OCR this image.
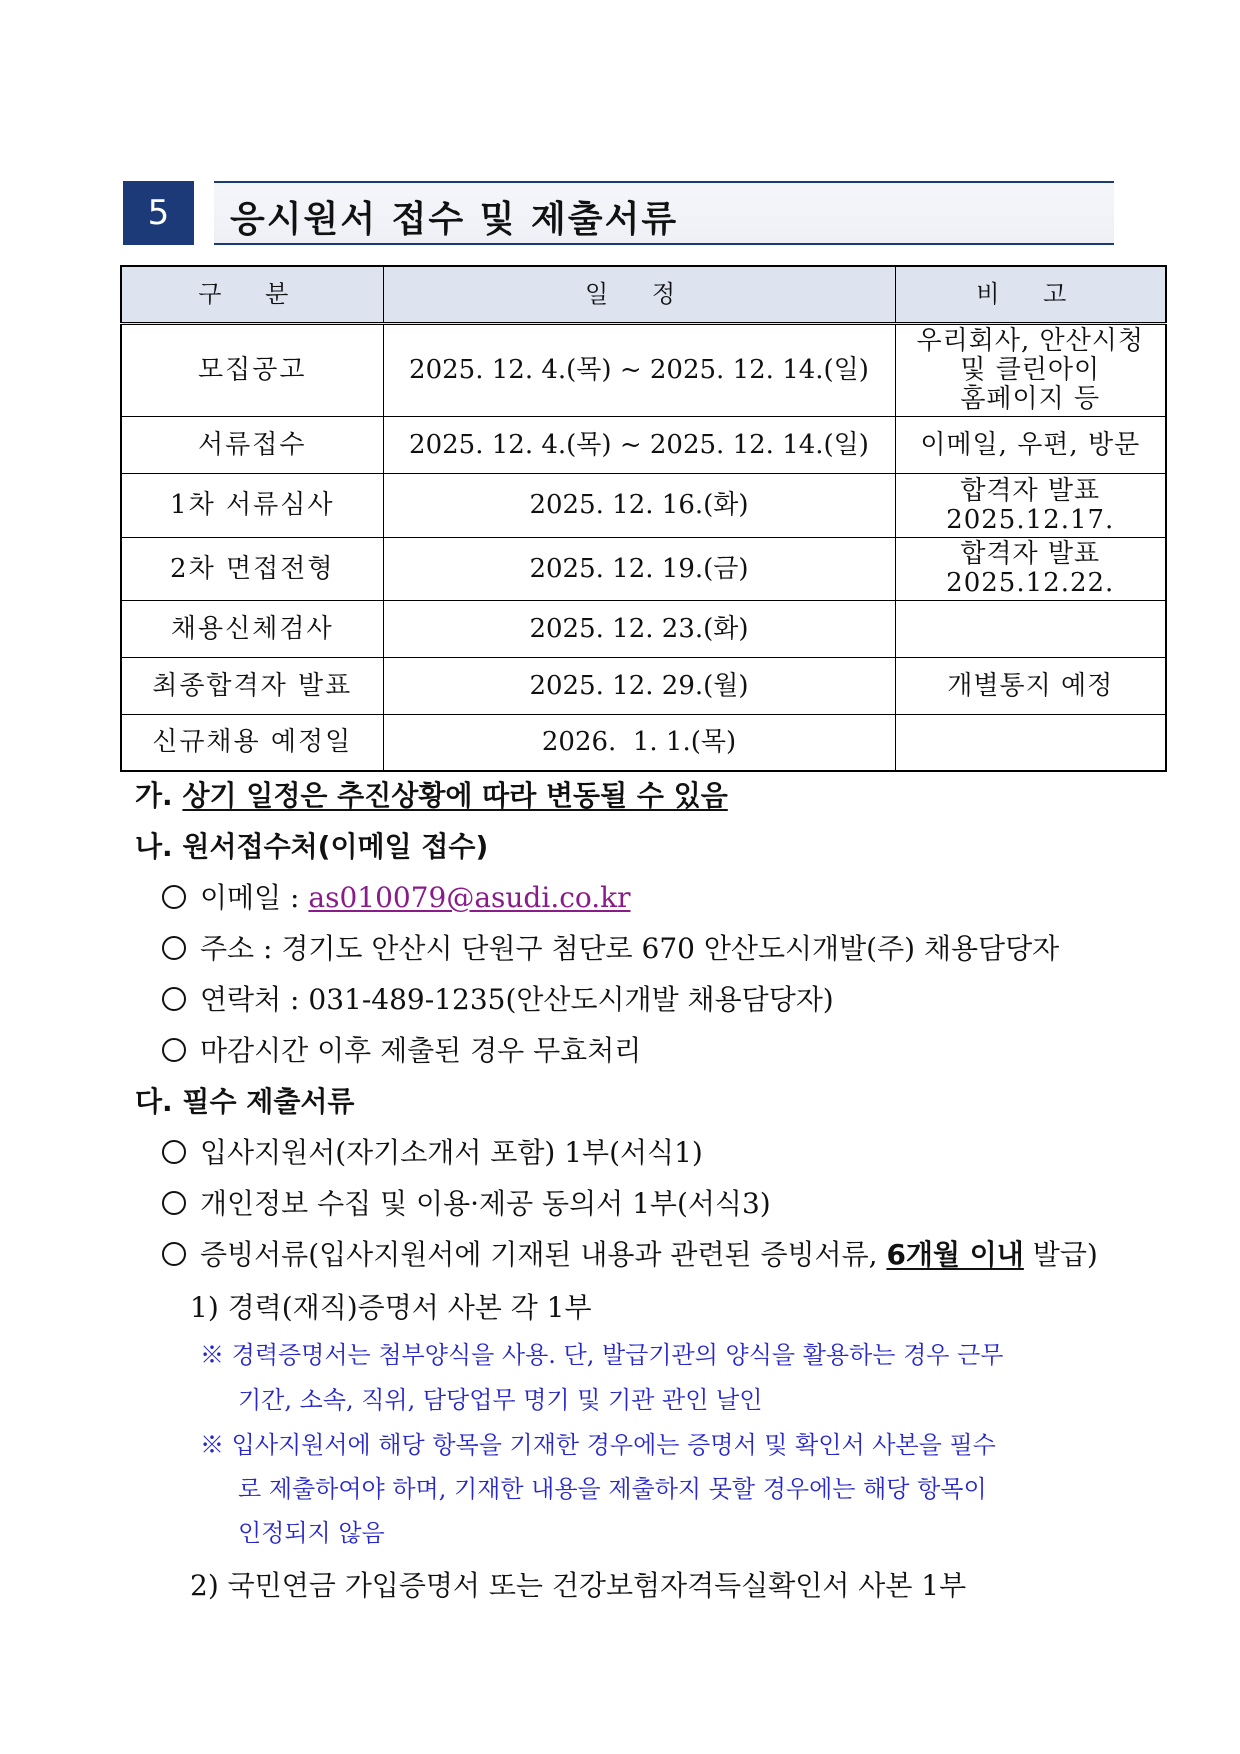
5	응시원서 접수 및 제출서류
구 분	일 정	비 고
모집공고	2025. 12. 4.(목) ~ 2025. 12. 14.(일)	우리회사, 안산시청
및 클린아이
홈페이지 등

서류접수	2025. 12. 4.(목) ~ 2025. 12. 14.(일)	이메일, 우편, 방문
1차 서류심사	2025. 12. 16.(화)	합격자 발표
2025.12.17.

2차 면접전형	2025. 12. 19.(금)	합격자 발표
2025.12.22.

채용신체검사	2025. 12. 23.(화)	
최종합격자 발표	2025. 12. 29.(월)	개별통지 예정
신규채용 예정일	2026.  1. 1.(목)	
가. 상기 일정은 추진상황에 따라 변동될 수 있음
나. 원서접수처(이메일 접수)
이메일 : as010079@asudi.co.kr
주소 : 경기도 안산시 단원구 첨단로 670 안산도시개발(주) 채용담당자
연락처 : 031-489-1235(안산도시개발 채용담당자)
마감시간 이후 제출된 경우 무효처리
다. 필수 제출서류
입사지원서(자기소개서 포함) 1부(서식1)
개인정보 수집 및 이용·제공 동의서 1부(서식3)
증빙서류(입사지원서에 기재된 내용과 관련된 증빙서류, 6개월 이내 발급)
1) 경력(재직)증명서 사본 각 1부
※ 경력증명서는 첨부양식을 사용. 단, 발급기관의 양식을 활용하는 경우 근무
기간, 소속, 직위, 담당업무 명기 및 기관 관인 날인
※ 입사지원서에 해당 항목을 기재한 경우에는 증명서 및 확인서 사본을 필수
로 제출하여야 하며, 기재한 내용을 제출하지 못할 경우에는 해당 항목이
인정되지 않음
2) 국민연금 가입증명서 또는 건강보험자격득실확인서 사본 1부
